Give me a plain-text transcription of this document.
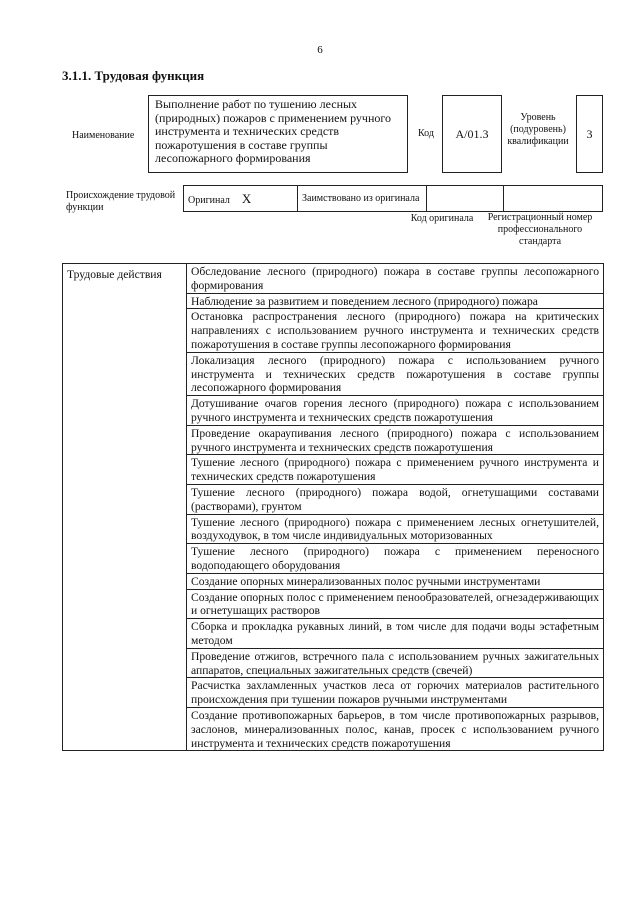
6
3.1.1. Трудовая функция
Наименование
Выполнение работ по тушению лесных (природных) пожаров с применением ручного инструмента и технических средств пожаротушения в составе группы лесопожарного формирования
Код	А/01.3
Уровень (подуровень) квалификации
3
Происхождение трудовой функции
Оригинал X	Заимствовано из оригинала		
Код оригинала	Регистрационный номер профессионального стандарта
Трудовые действия	Обследование лесного (природного) пожара в составе группы лесопожарного формирования
Наблюдение за развитием и поведением лесного (природного) пожара
Остановка распространения лесного (природного) пожара на критических направлениях с использованием ручного инструмента и технических средств пожаротушения в составе группы лесопожарного формирования
Локализация лесного (природного) пожара с использованием ручного инструмента и технических средств пожаротушения в составе группы лесопожарного формирования
Дотушивание очагов горения лесного (природного) пожара с использованием ручного инструмента и технических средств пожаротушения
Проведение окараупивания лесного (природного) пожара с использованием ручного инструмента и технических средств пожаротушения
Тушение лесного (природного) пожара с применением ручного инструмента и технических средств пожаротушения
Тушение лесного (природного) пожара водой, огнетушащими составами (растворами), грунтом
Тушение лесного (природного) пожара с применением лесных огнетушителей, воздуходувок, в том числе индивидуальных моторизованных
Тушение лесного (природного) пожара с применением переносного водоподающего оборудования
Создание опорных минерализованных полос ручными инструментами
Создание опорных полос с применением пенообразователей, огнезадерживающих и огнетушащих растворов
Сборка и прокладка рукавных линий, в том числе для подачи воды эстафетным методом
Проведение отжигов, встречного пала с использованием ручных зажигательных аппаратов, специальных зажигательных средств (свечей)
Расчистка захламленных участков леса от горючих материалов растительного происхождения при тушении пожаров ручными инструментами
Создание противопожарных барьеров, в том числе противопожарных разрывов, заслонов, минерализованных полос, канав, просек с использованием ручного инструмента и технических средств пожаротушения
